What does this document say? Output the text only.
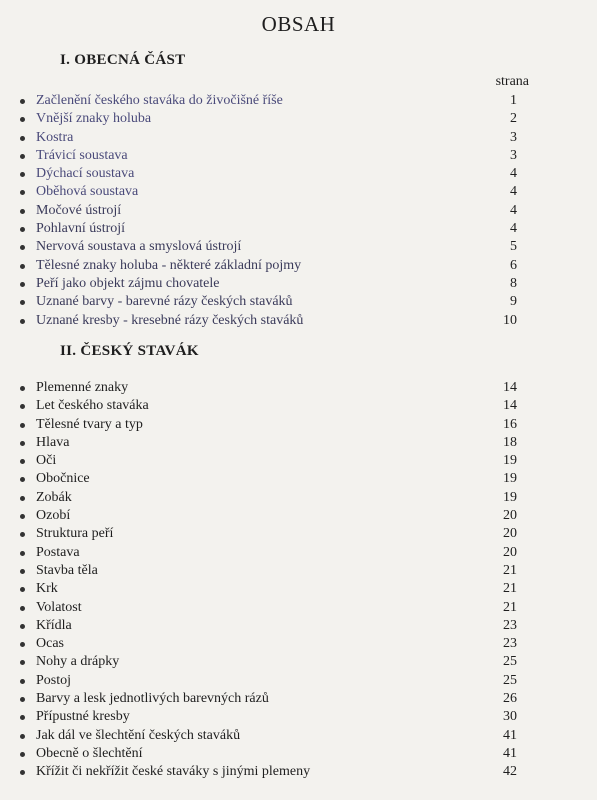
OBSAH
I. OBECNÁ ČÁST
strana
Začlenění českého staváka do živočišné říše	1
Vnější znaky holuba	2
Kostra	3
Trávicí soustava	3
Dýchací soustava	4
Oběhová soustava	4
Močové ústrojí	4
Pohlavní ústrojí	4
Nervová soustava a smyslová ústrojí	5
Tělesné znaky holuba - některé základní pojmy	6
Peří jako objekt zájmu chovatele	8
Uznané barvy - barevné rázy českých staváků	9
Uznané kresby - kresebné rázy českých staváků	10
II. ČESKÝ STAVÁK
Plemenné znaky	14
Let českého staváka	14
Tělesné tvary a typ	16
Hlava	18
Oči	19
Obočnice	19
Zobák	19
Ozobí	20
Struktura peří	20
Postava	20
Stavba těla	21
Krk	21
Volatost	21
Křídla	23
Ocas	23
Nohy a drápky	25
Postoj	25
Barvy a lesk jednotlivých barevných rázů	26
Přípustné kresby	30
Jak dál ve šlechtění českých staváků	41
Obecně o šlechtění	41
Křížit či nekřížit české staváky s jinými plemeny	42
